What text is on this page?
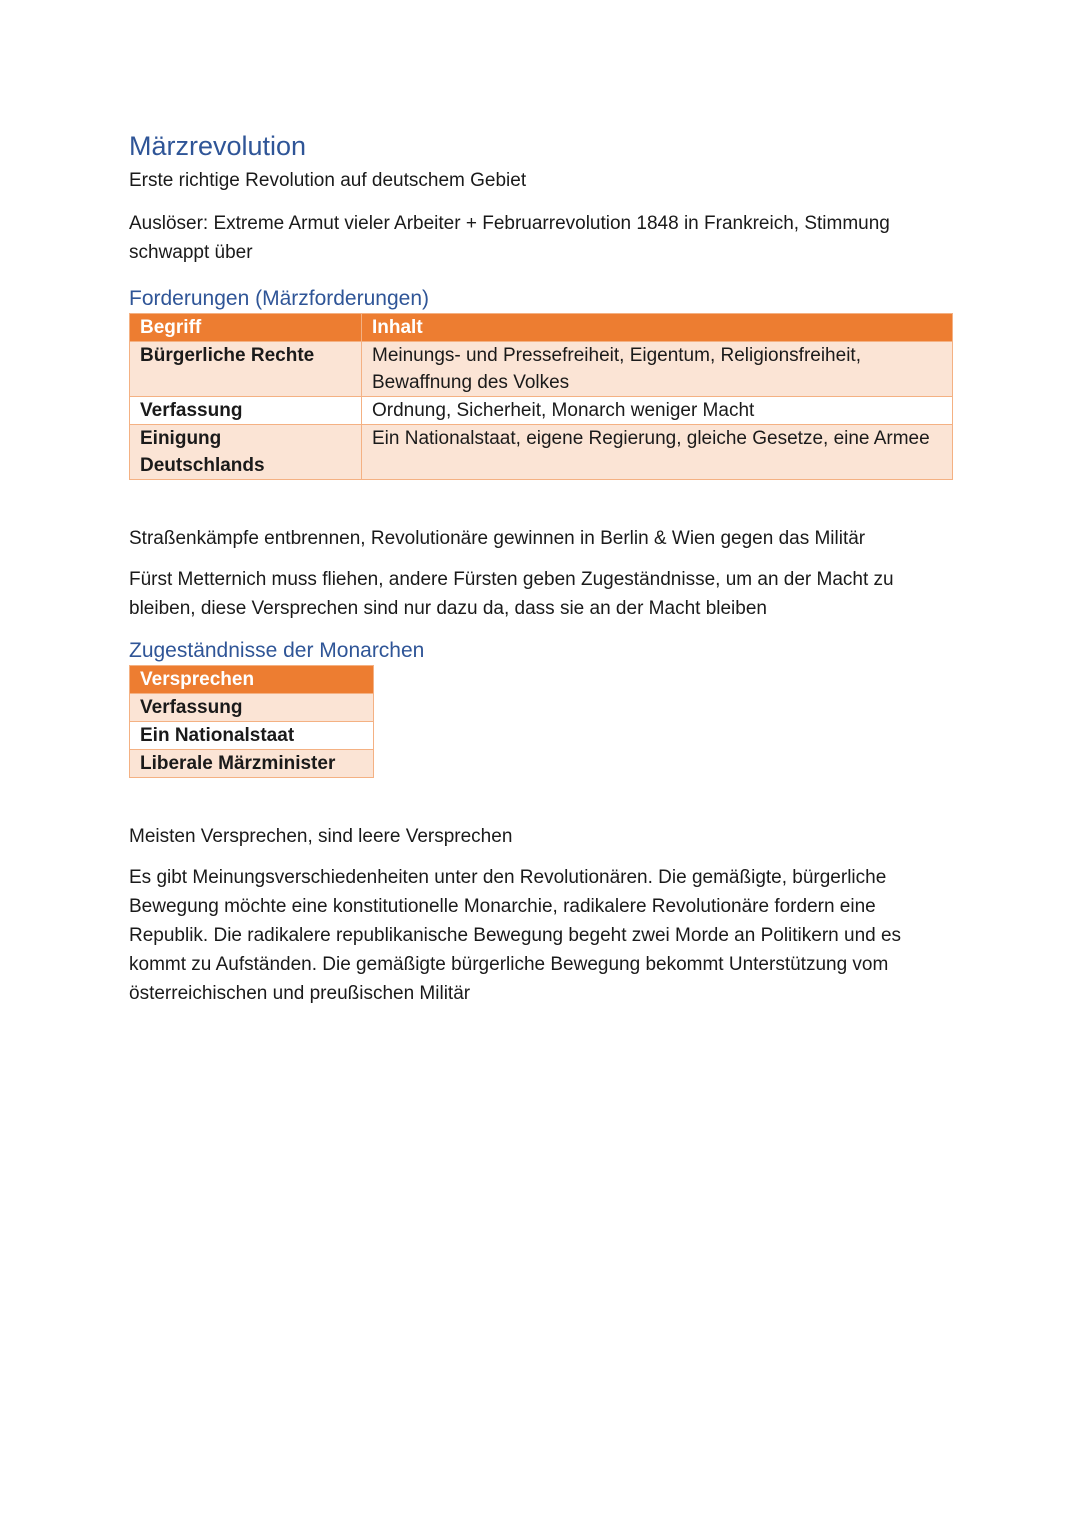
Märzrevolution

Erste richtige Revolution auf deutschem Gebiet

Auslöser: Extreme Armut vieler Arbeiter + Februarrevolution 1848 in Frankreich, Stimmung schwappt über

Forderungen (Märzforderungen)
Begriff	Inhalt
Bürgerliche Rechte	Meinungs- und Pressefreiheit, Eigentum, Religionsfreiheit, Bewaffnung des Volkes
Verfassung	Ordnung, Sicherheit, Monarch weniger Macht
Einigung Deutschlands	Ein Nationalstaat, eigene Regierung, gleiche Gesetze, eine Armee

Straßenkämpfe entbrennen, Revolutionäre gewinnen in Berlin & Wien gegen das Militär

Fürst Metternich muss fliehen, andere Fürsten geben Zugeständnisse, um an der Macht zu bleiben, diese Versprechen sind nur dazu da, dass sie an der Macht bleiben

Zugeständnisse der Monarchen
Versprechen
Verfassung
Ein Nationalstaat
Liberale Märzminister

Meisten Versprechen, sind leere Versprechen

Es gibt Meinungsverschiedenheiten unter den Revolutionären. Die gemäßigte, bürgerliche Bewegung möchte eine konstitutionelle Monarchie, radikalere Revolutionäre fordern eine Republik. Die radikalere republikanische Bewegung begeht zwei Morde an Politikern und es kommt zu Aufständen. Die gemäßigte bürgerliche Bewegung bekommt Unterstützung vom österreichischen und preußischen Militär
